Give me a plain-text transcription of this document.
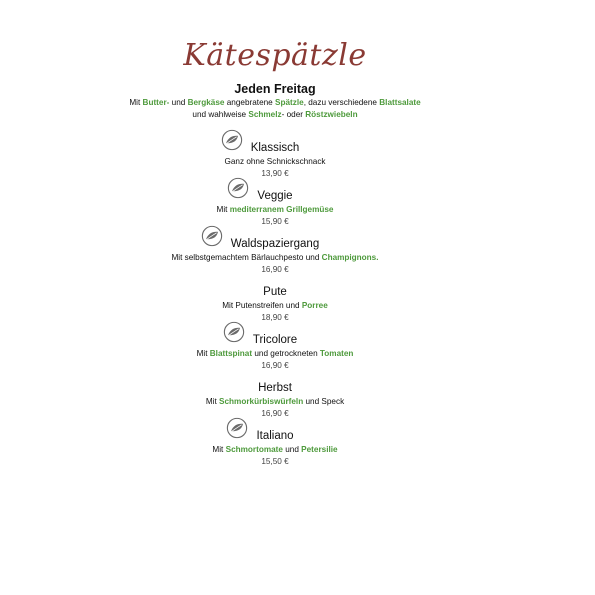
Kätespätzle
Jeden Freitag
Mit Butter- und Bergkäse angebratene Spätzle, dazu verschiedene Blattsalate
und wahlweise Schmelz- oder Röstzwiebeln
Klassisch
Ganz ohne Schnickschnack
13,90 €
Veggie
Mit mediterranem Grillgemüse
15,90 €
Waldspaziergang
Mit selbstgemachtem Bärlauchpesto und Champignons.
16,90 €
Pute
Mit Putenstreifen und Porree
18,90 €
Tricolore
Mit Blattspinat und getrockneten Tomaten
16,90 €
Herbst
Mit Schmorkürbiswürfeln und Speck
16,90 €
Italiano
Mit Schmortomate und Petersilie
15,50 €
